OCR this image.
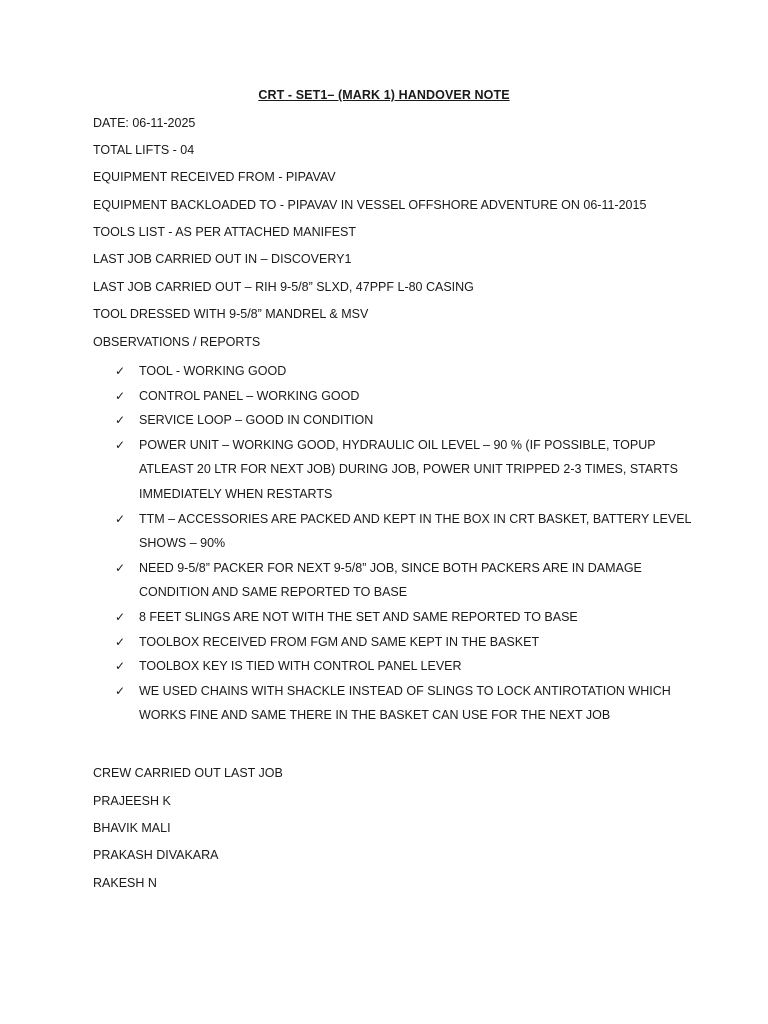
CRT - SET1– (MARK 1) HANDOVER NOTE
DATE: 06-11-2025
TOTAL LIFTS - 04
EQUIPMENT RECEIVED FROM - PIPAVAV
EQUIPMENT BACKLOADED TO - PIPAVAV IN VESSEL OFFSHORE ADVENTURE ON 06-11-2015
TOOLS LIST - AS PER ATTACHED MANIFEST
LAST JOB CARRIED OUT IN – DISCOVERY1
LAST JOB CARRIED OUT – RIH 9-5/8” SLXD, 47PPF L-80 CASING
TOOL DRESSED WITH 9-5/8” MANDREL & MSV
OBSERVATIONS / REPORTS
✓ TOOL - WORKING GOOD
✓ CONTROL PANEL – WORKING GOOD
✓ SERVICE LOOP – GOOD IN CONDITION
✓ POWER UNIT – WORKING GOOD, HYDRAULIC OIL LEVEL – 90 % (IF POSSIBLE, TOPUP ATLEAST 20 LTR FOR NEXT JOB) DURING JOB, POWER UNIT TRIPPED 2-3 TIMES, STARTS IMMEDIATELY WHEN RESTARTS
✓ TTM – ACCESSORIES ARE PACKED AND KEPT IN THE BOX IN CRT BASKET, BATTERY LEVEL SHOWS – 90%
✓ NEED 9-5/8” PACKER FOR NEXT 9-5/8” JOB, SINCE BOTH PACKERS ARE IN DAMAGE CONDITION AND SAME REPORTED TO BASE
✓ 8 FEET SLINGS ARE NOT WITH THE SET AND SAME REPORTED TO BASE
✓ TOOLBOX RECEIVED FROM FGM AND SAME KEPT IN THE BASKET
✓ TOOLBOX KEY IS TIED WITH CONTROL PANEL LEVER
✓ WE USED CHAINS WITH SHACKLE INSTEAD OF SLINGS TO LOCK ANTIROTATION WHICH WORKS FINE AND SAME THERE IN THE BASKET CAN USE FOR THE NEXT JOB
CREW CARRIED OUT LAST JOB
PRAJEESH K
BHAVIK MALI
PRAKASH DIVAKARA
RAKESH N
